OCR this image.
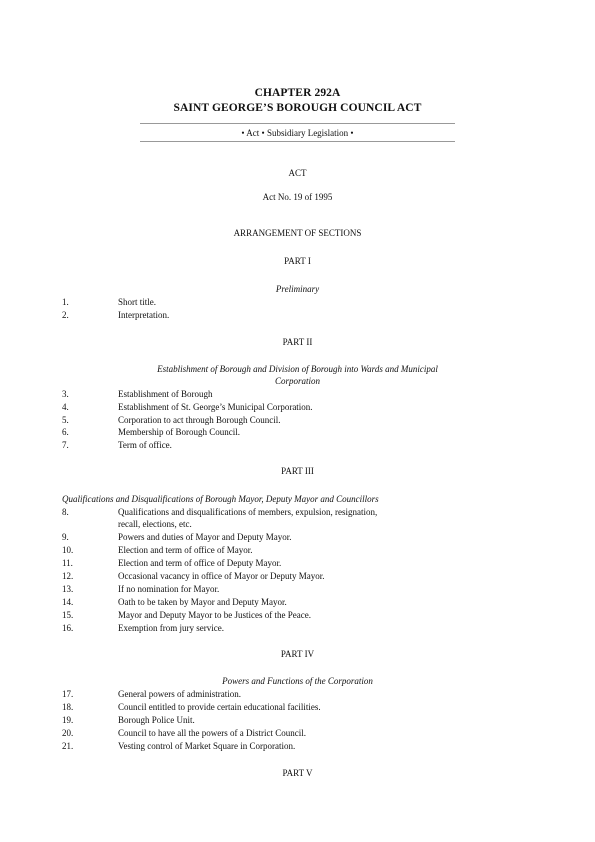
CHAPTER 292A
SAINT GEORGE’S BOROUGH COUNCIL ACT
• Act • Subsidiary Legislation •
ACT
Act No. 19 of 1995
ARRANGEMENT OF SECTIONS
PART I
Preliminary
1.	Short title.
2.	Interpretation.
PART II
Establishment of Borough and Division of Borough into Wards and Municipal
Corporation
3.	Establishment of Borough
4.	Establishment of St. George’s Municipal Corporation.
5.	Corporation to act through Borough Council.
6.	Membership of Borough Council.
7.	Term of office.
PART III
Qualifications and Disqualifications of Borough Mayor, Deputy Mayor and Councillors
8.	Qualifications and disqualifications of members, expulsion, resignation,
recall, elections, etc.
9.	Powers and duties of Mayor and Deputy Mayor.
10.	Election and term of office of Mayor.
11.	Election and term of office of Deputy Mayor.
12.	Occasional vacancy in office of Mayor or Deputy Mayor.
13.	If no nomination for Mayor.
14.	Oath to be taken by Mayor and Deputy Mayor.
15.	Mayor and Deputy Mayor to be Justices of the Peace.
16.	Exemption from jury service.
PART IV
Powers and Functions of the Corporation
17.	General powers of administration.
18.	Council entitled to provide certain educational facilities.
19.	Borough Police Unit.
20.	Council to have all the powers of a District Council.
21.	Vesting control of Market Square in Corporation.
PART V
